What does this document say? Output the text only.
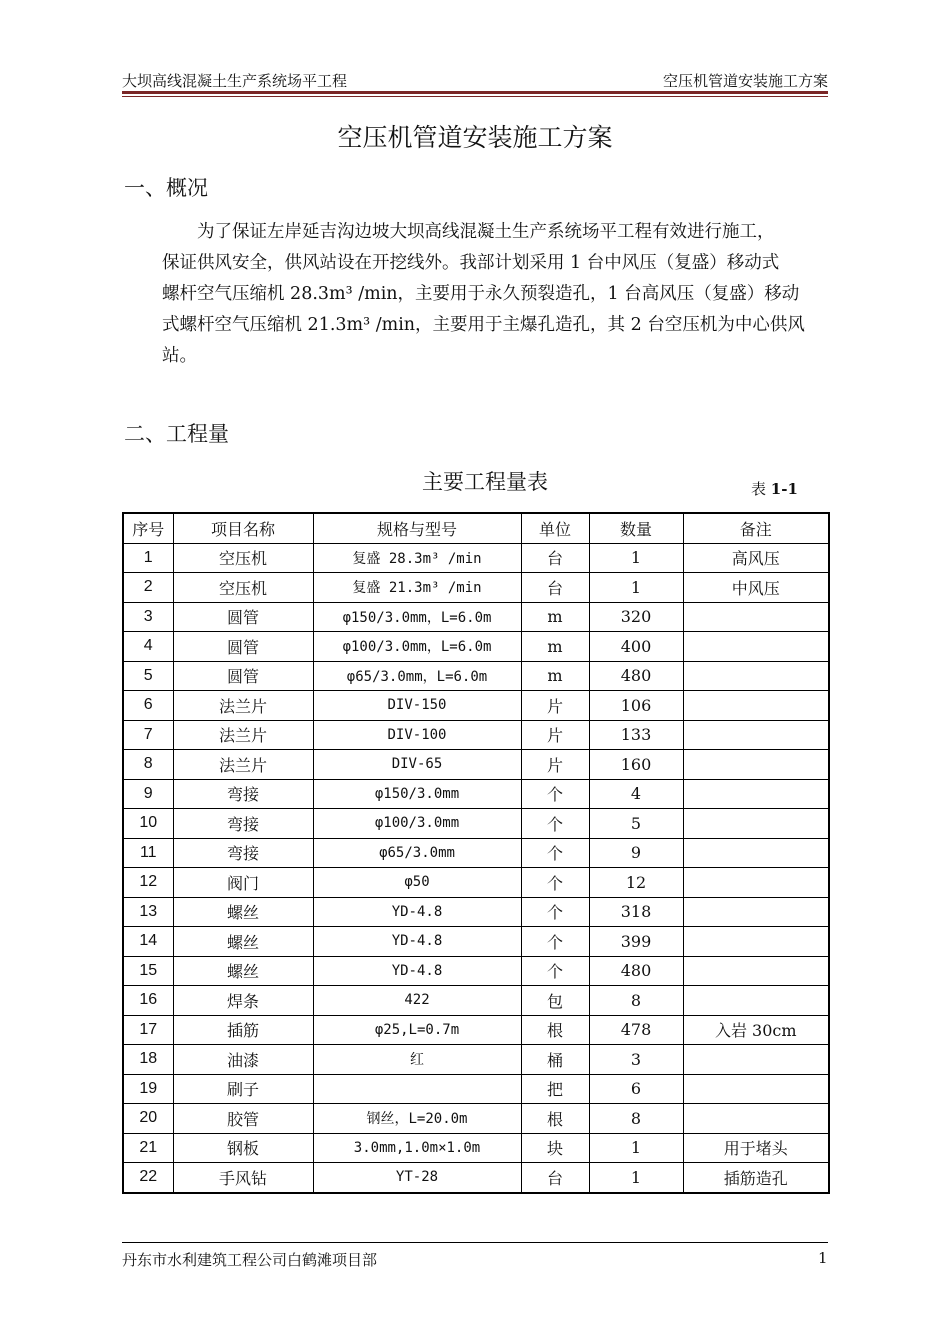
大坝高线混凝土生产系统场平工程	空压机管道安装施工方案
空压机管道安装施工方案
一、概况
为了保证左岸延吉沟边坡大坝高线混凝土生产系统场平工程有效进行施工，
保证供风安全，供风站设在开挖线外。我部计划采用 1 台中风压（复盛）移动式
螺杆空气压缩机 28.3m³ /min，主要用于永久预裂造孔，1 台高风压（复盛）移动
式螺杆空气压缩机 21.3m³ /min，主要用于主爆孔造孔，其 2 台空压机为中心供风
站。
二、工程量
主要工程量表	表 1-1
序号	项目名称	规格与型号	单位	数量	备注
1	空压机	复盛 28.3m³ /min	台	1	高风压
2	空压机	复盛 21.3m³ /min	台	1	中风压
3	圆管	φ150/3.0mm，L=6.0m	m	320	
4	圆管	φ100/3.0mm，L=6.0m	m	400	
5	圆管	φ65/3.0mm，L=6.0m	m	480	
6	法兰片	DIV-150	片	106	
7	法兰片	DIV-100	片	133	
8	法兰片	DIV-65	片	160	
9	弯接	φ150/3.0mm	个	4	
10	弯接	φ100/3.0mm	个	5	
11	弯接	φ65/3.0mm	个	9	
12	阀门	φ50	个	12	
13	螺丝	YD-4.8	个	318	
14	螺丝	YD-4.8	个	399	
15	螺丝	YD-4.8	个	480	
16	焊条	422	包	8	
17	插筋	φ25,L=0.7m	根	478	入岩 30cm
18	油漆	红	桶	3	
19	刷子		把	6	
20	胶管	钢丝，L=20.0m	根	8	
21	钢板	3.0mm,1.0m×1.0m	块	1	用于堵头
22	手风钻	YT-28	台	1	插筋造孔
丹东市水利建筑工程公司白鹤滩项目部	1
